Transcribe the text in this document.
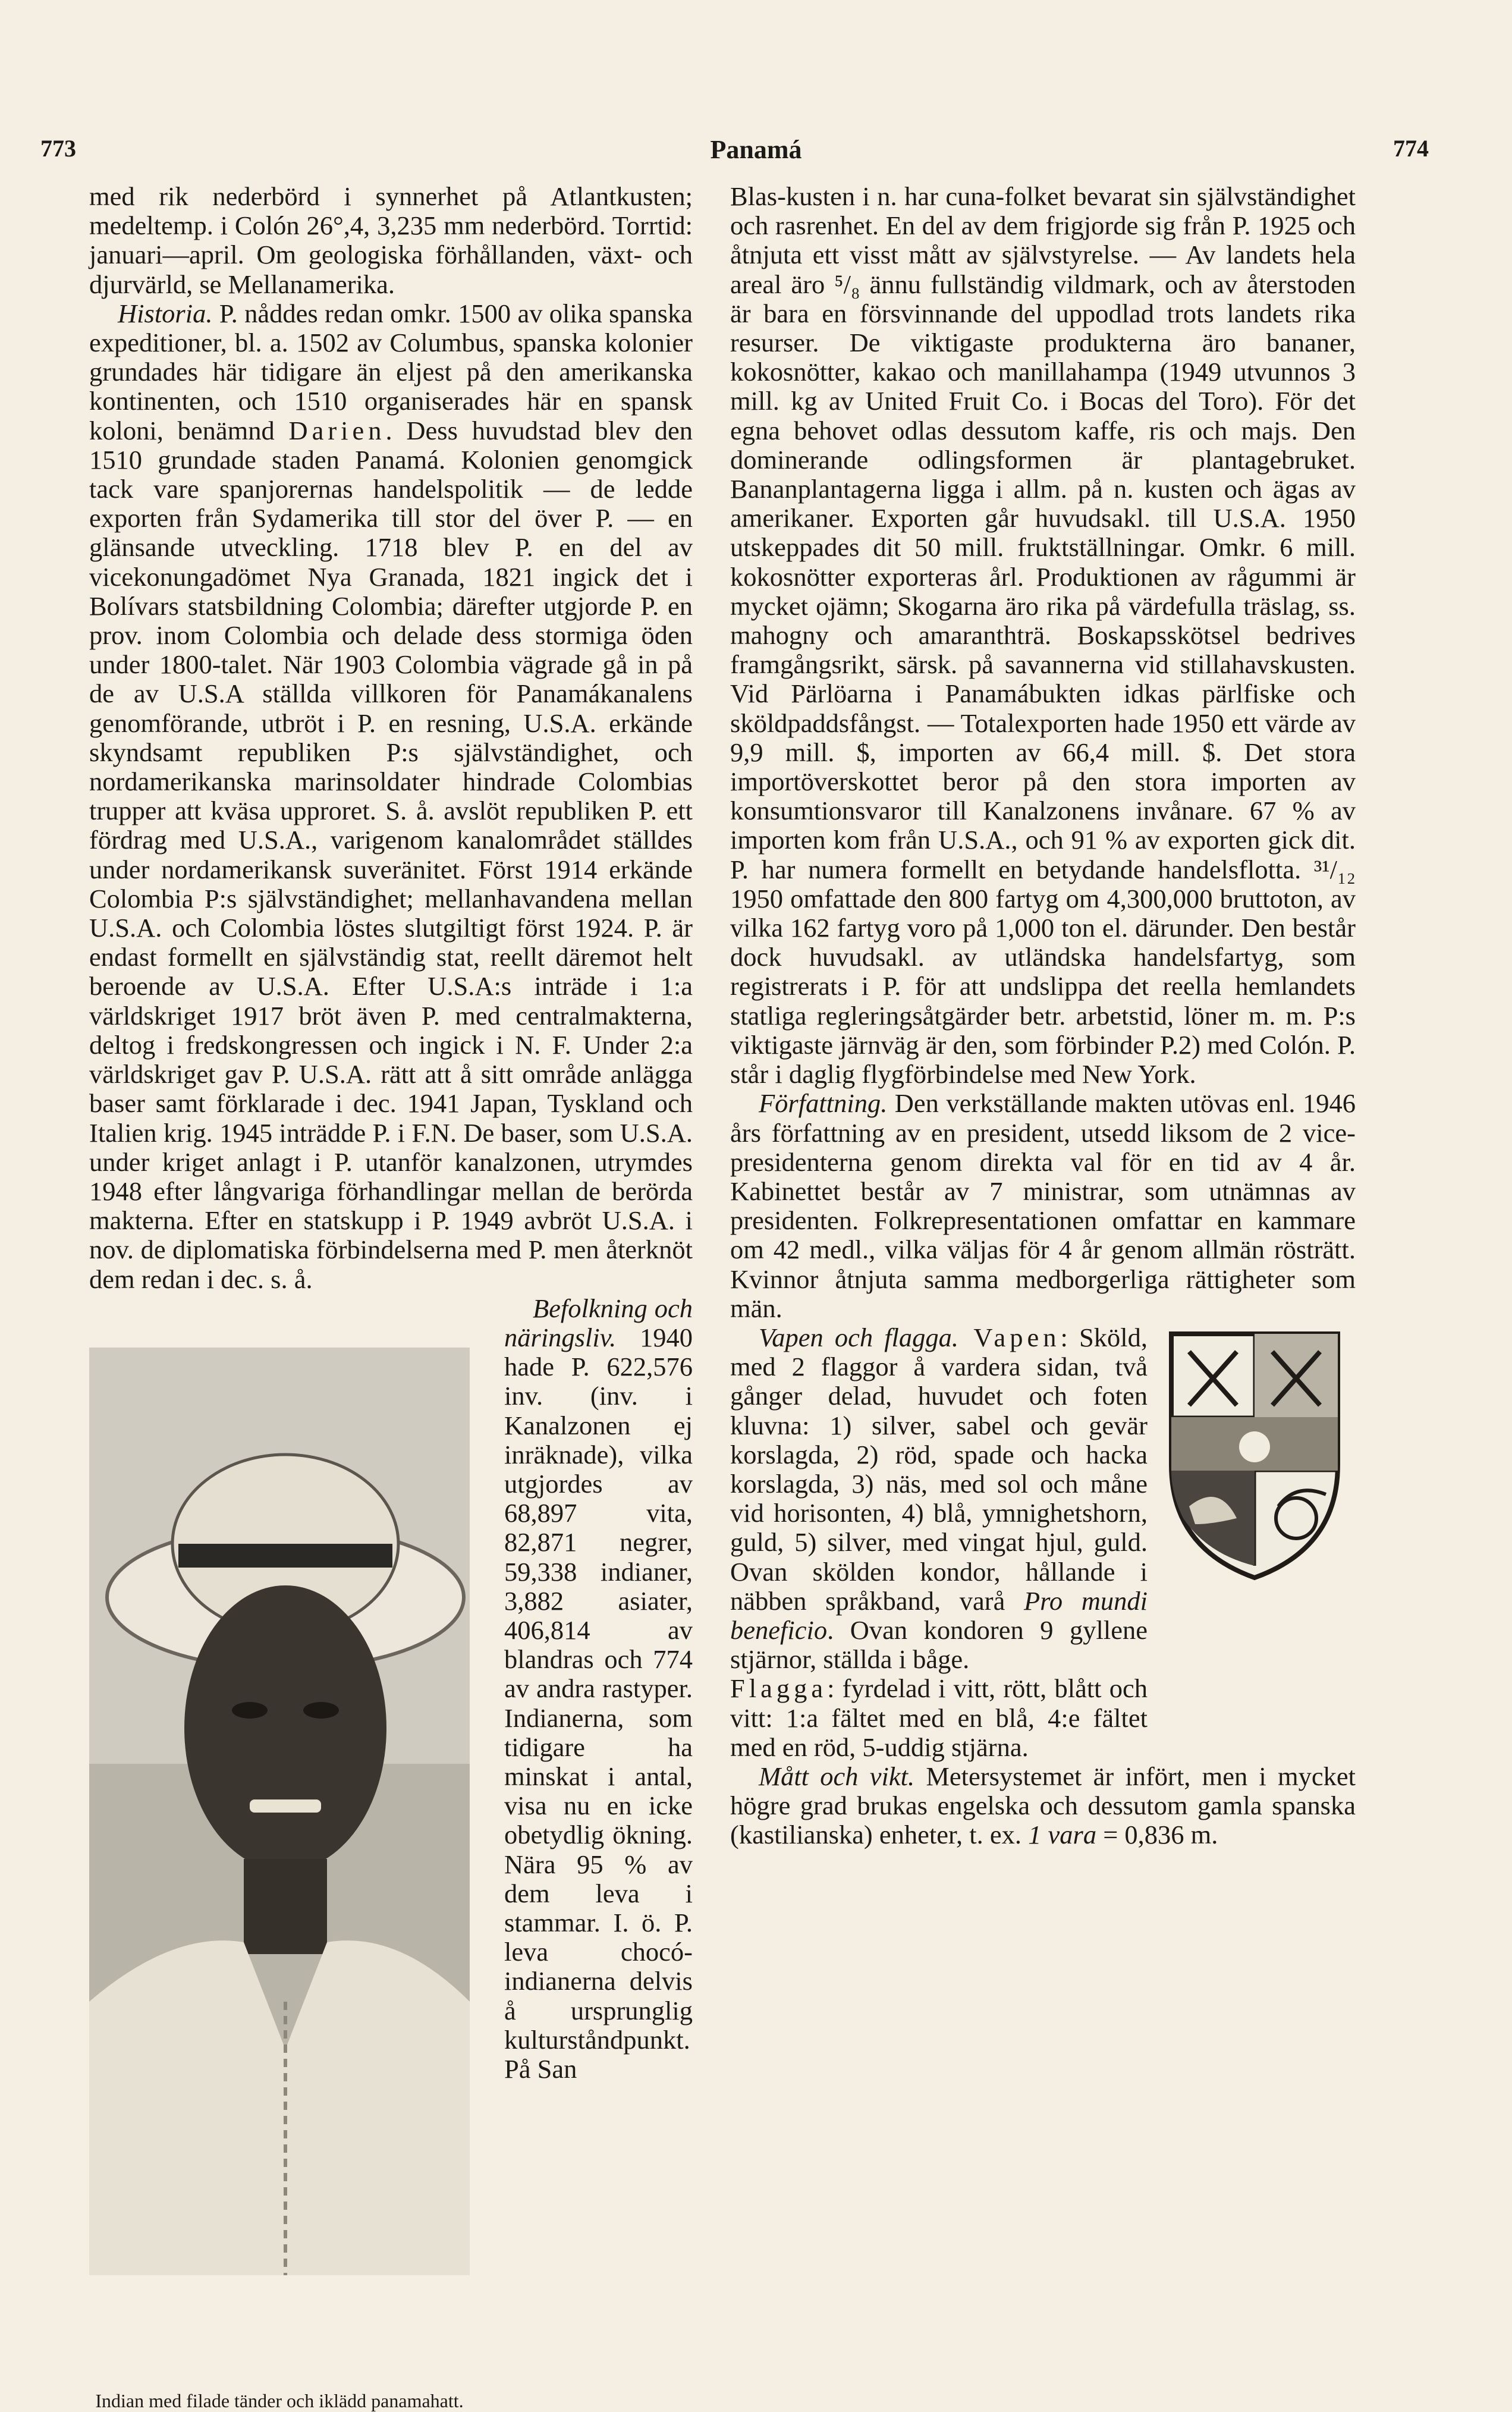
773	Panamá	774

med rik nederbörd i synnerhet på Atlantkusten; medeltemp. i Colón 26°,4, 3,235 mm nederbörd. Torrtid: januari—april. Om geologiska förhållanden, växt- och djurvärld, se Mellanamerika.

Historia. P. nåddes redan omkr. 1500 av olika spanska expeditioner, bl. a. 1502 av Columbus, spanska kolonier grundades här tidigare än eljest på den amerikanska kontinenten, och 1510 organiserades här en spansk koloni, benämnd Darien. Dess huvudstad blev den 1510 grundade staden Panamá. Kolonien genomgick tack vare spanjorernas handelspolitik — de ledde exporten från Sydamerika till stor del över P. — en glänsande utveckling. 1718 blev P. en del av vicekonungadömet Nya Granada, 1821 ingick det i Bolívars statsbildning Colombia; därefter utgjorde P. en prov. inom Colombia och delade dess stormiga öden under 1800-talet. När 1903 Colombia vägrade gå in på de av U.S.A ställda villkoren för Panamákanalens genomförande, utbröt i P. en resning, U.S.A. erkände skyndsamt republiken P:s självständighet, och nordamerikanska marinsoldater hindrade Colombias trupper att kväsa upproret. S. å. avslöt republiken P. ett fördrag med U.S.A., varigenom kanalområdet ställdes under nordamerikansk suveränitet. Först 1914 erkände Colombia P:s självständighet; mellanhavandena mellan U.S.A. och Colombia löstes slutgiltigt först 1924. P. är endast formellt en självständig stat, reellt däremot helt beroende av U.S.A. Efter U.S.A:s inträde i 1:a världskriget 1917 bröt även P. med centralmakterna, deltog i fredskongressen och ingick i N. F. Under 2:a världskriget gav P. U.S.A. rätt att å sitt område anlägga baser samt förklarade i dec. 1941 Japan, Tyskland och Italien krig. 1945 inträdde P. i F.N. De baser, som U.S.A. under kriget anlagt i P. utanför kanalzonen, utrymdes 1948 efter långvariga förhandlingar mellan de berörda makterna. Efter en statskupp i P. 1949 avbröt U.S.A. i nov. de diplomatiska förbindelserna med P. men återknöt dem redan i dec. s. å.

Indian med filade tänder och iklädd panamahatt.

Befolkning och näringsliv. 1940 hade P. 622,576 inv. (inv. i Kanalzonen ej inräknade), vilka utgjordes av 68,897 vita, 82,871 negrer, 59,338 indianer, 3,882 asiater, 406,814 av blandras och 774 av andra rastyper. Indianerna, som tidigare ha minskat i antal, visa nu en icke obetydlig ökning. Nära 95 % av dem leva i stammar. I. ö. P. leva chocó-indianerna delvis å ursprunglig kulturståndpunkt. På San

Blas-kusten i n. har cuna-folket bevarat sin självständighet och rasrenhet. En del av dem frigjorde sig från P. 1925 och åtnjuta ett visst mått av självstyrelse. — Av landets hela areal äro ⁵/₈ ännu fullständig vildmark, och av återstoden är bara en försvinnande del uppodlad trots landets rika resurser. De viktigaste produkterna äro bananer, kokosnötter, kakao och manillahampa (1949 utvunnos 3 mill. kg av United Fruit Co. i Bocas del Toro). För det egna behovet odlas dessutom kaffe, ris och majs. Den dominerande odlingsformen är plantagebruket. Bananplantagerna ligga i allm. på n. kusten och ägas av amerikaner. Exporten går huvudsakl. till U.S.A. 1950 utskeppades dit 50 mill. fruktställningar. Omkr. 6 mill. kokosnötter exporteras årl. Produktionen av rågummi är mycket ojämn; Skogarna äro rika på värdefulla träslag, ss. mahogny och amaranthträ. Boskapsskötsel bedrives framgångsrikt, särsk. på savannerna vid stillahavskusten. Vid Pärlöarna i Panamábukten idkas pärlfiske och sköldpaddsfångst. — Totalexporten hade 1950 ett värde av 9,9 mill. $, importen av 66,4 mill. $. Det stora importöverskottet beror på den stora importen av konsumtionsvaror till Kanalzonens invånare. 67 % av importen kom från U.S.A., och 91 % av exporten gick dit. P. har numera formellt en betydande handelsflotta. ³¹/₁₂ 1950 omfattade den 800 fartyg om 4,300,000 bruttoton, av vilka 162 fartyg voro på 1,000 ton el. därunder. Den består dock huvudsakl. av utländska handelsfartyg, som registrerats i P. för att undslippa det reella hemlandets statliga regleringsåtgärder betr. arbetstid, löner m. m. P:s viktigaste järnväg är den, som förbinder P.2) med Colón. P. står i daglig flygförbindelse med New York.

Författning. Den verkställande makten utövas enl. 1946 års författning av en president, utsedd liksom de 2 vice-presidenterna genom direkta val för en tid av 4 år. Kabinettet består av 7 ministrar, som utnämnas av presidenten. Folkrepresentationen omfattar en kammare om 42 medl., vilka väljas för 4 år genom allmän rösträtt. Kvinnor åtnjuta samma medborgerliga rättigheter som män.

Vapen och flagga. Vapen: Sköld, med 2 flaggor å vardera sidan, två gånger delad, huvudet och foten kluvna: 1) silver, sabel och gevär korslagda, 2) röd, spade och hacka korslagda, 3) näs, med sol och måne vid horisonten, 4) blå, ymnighetshorn, guld, 5) silver, med vingat hjul, guld. Ovan skölden kondor, hållande i näbben språkband, varå Pro mundi beneficio. Ovan kondoren 9 gyllene stjärnor, ställda i båge.

Flagga: fyrdelad i vitt, rött, blått och vitt: 1:a fältet med en blå, 4:e fältet med en röd, 5-uddig stjärna.

Mått och vikt. Metersystemet är infört, men i mycket högre grad brukas engelska och dessutom gamla spanska (kastilianska) enheter, t. ex. 1 vara = 0,836 m.
